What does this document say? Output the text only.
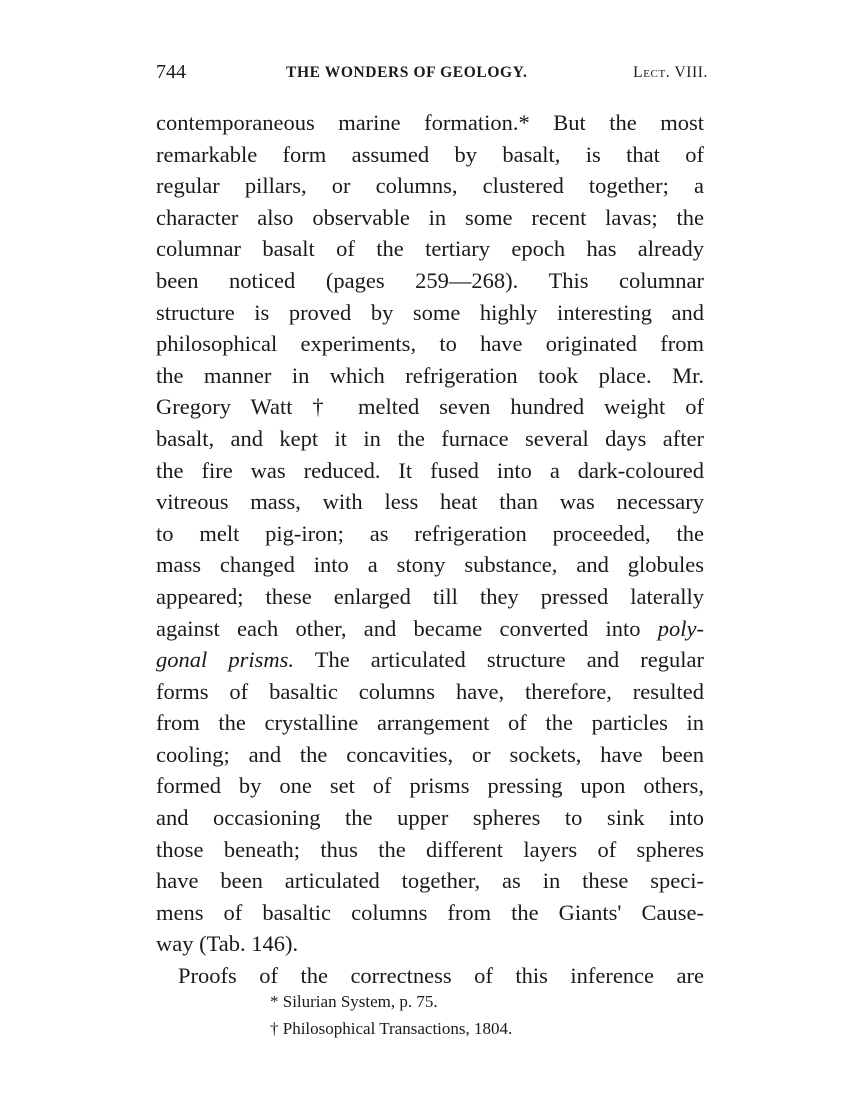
744	THE WONDERS OF GEOLOGY.	Lect. VIII.
contemporaneous marine formation.* But the most
remarkable form assumed by basalt, is that of
regular pillars, or columns, clustered together; a
character also observable in some recent lavas; the
columnar basalt of the tertiary epoch has already
been noticed (pages 259—268). This columnar
structure is proved by some highly interesting and
philosophical experiments, to have originated from
the manner in which refrigeration took place. Mr.
Gregory Watt † melted seven hundred weight of
basalt, and kept it in the furnace several days after
the fire was reduced. It fused into a dark-coloured
vitreous mass, with less heat than was necessary
to melt pig-iron; as refrigeration proceeded, the
mass changed into a stony substance, and globules
appeared; these enlarged till they pressed laterally
against each other, and became converted into poly-
gonal prisms. The articulated structure and regular
forms of basaltic columns have, therefore, resulted
from the crystalline arrangement of the particles in
cooling; and the concavities, or sockets, have been
formed by one set of prisms pressing upon others,
and occasioning the upper spheres to sink into
those beneath; thus the different layers of spheres
have been articulated together, as in these speci-
mens of basaltic columns from the Giants' Cause-
way (Tab. 146).
Proofs of the correctness of this inference are
* Silurian System, p. 75.
† Philosophical Transactions, 1804.
